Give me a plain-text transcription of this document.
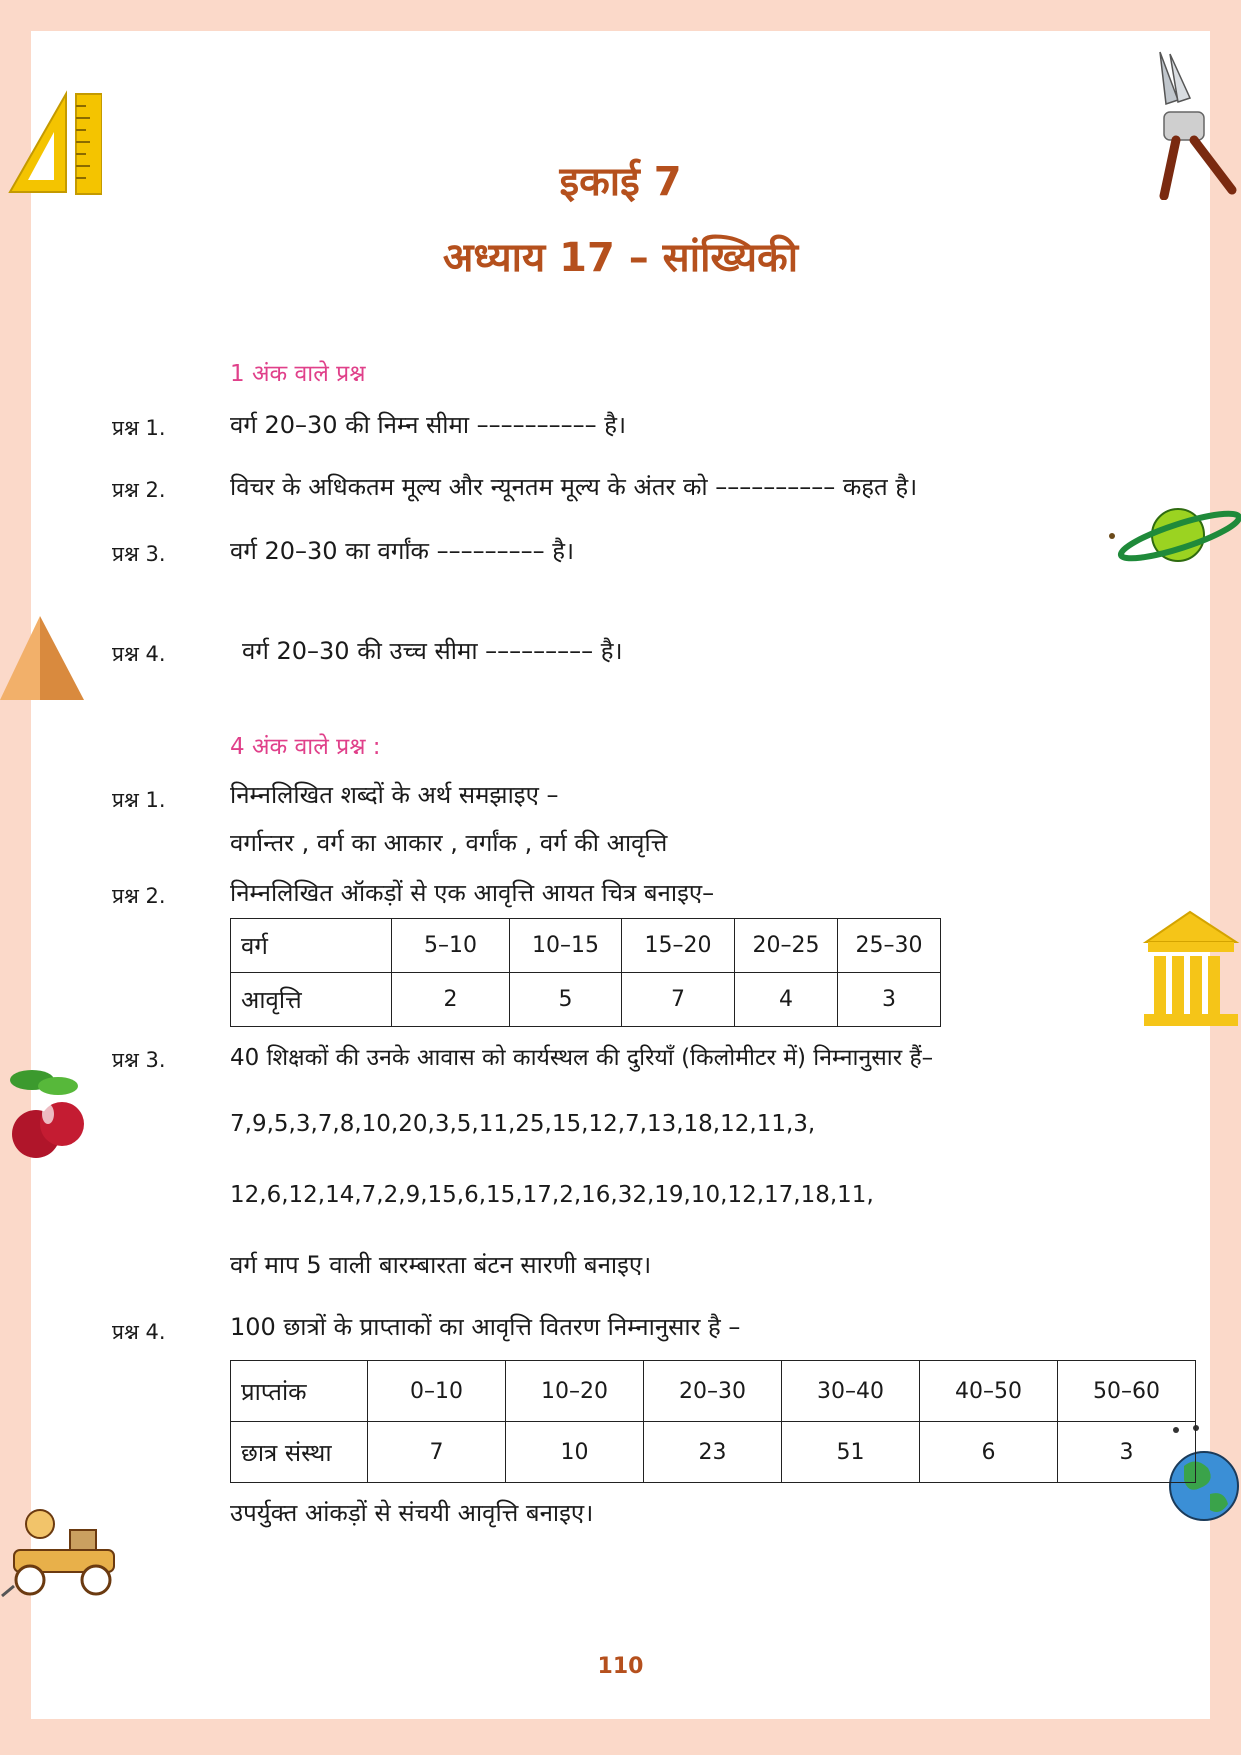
इकाई 7
अध्याय 17 – सांख्यिकी
1 अंक वाले प्रश्न
प्रश्न 1.	वर्ग 20–30 की निम्न सीमा –––––––––– है।
प्रश्न 2.	विचर के अधिकतम मूल्य और न्यूनतम मूल्य के अंतर को –––––––––– कहत है।
प्रश्न 3.	वर्ग 20–30 का वर्गांक ––––––––– है।
प्रश्न 4.	वर्ग 20–30 की उच्च सीमा ––––––––– है।
4 अंक वाले प्रश्न :
प्रश्न 1.	निम्नलिखित शब्दों के अर्थ समझाइए –
वर्गान्तर , वर्ग का आकार , वर्गांक , वर्ग की आवृत्ति
प्रश्न 2.	निम्नलिखित ऑकड़ों से एक आवृत्ति आयत चित्र बनाइए–
वर्ग	5–10	10–15	15–20	20–25	25–30
आवृत्ति	2	5	7	4	3
प्रश्न 3.	40 शिक्षकों की उनके आवास को कार्यस्थल की दुरियाँ (किलोमीटर में) निम्नानुसार हैं–
7,9,5,3,7,8,10,20,3,5,11,25,15,12,7,13,18,12,11,3,
12,6,12,14,7,2,9,15,6,15,17,2,16,32,19,10,12,17,18,11,
वर्ग माप 5 वाली बारम्बारता बंटन सारणी बनाइए।
प्रश्न 4.	100 छात्रों के प्राप्ताकों का आवृत्ति वितरण निम्नानुसार है –
प्राप्तांक	0–10	10–20	20–30	30–40	40–50	50–60
छात्र संस्था	7	10	23	51	6	3
उपर्युक्त आंकड़ों से संचयी आवृत्ति बनाइए।
110
